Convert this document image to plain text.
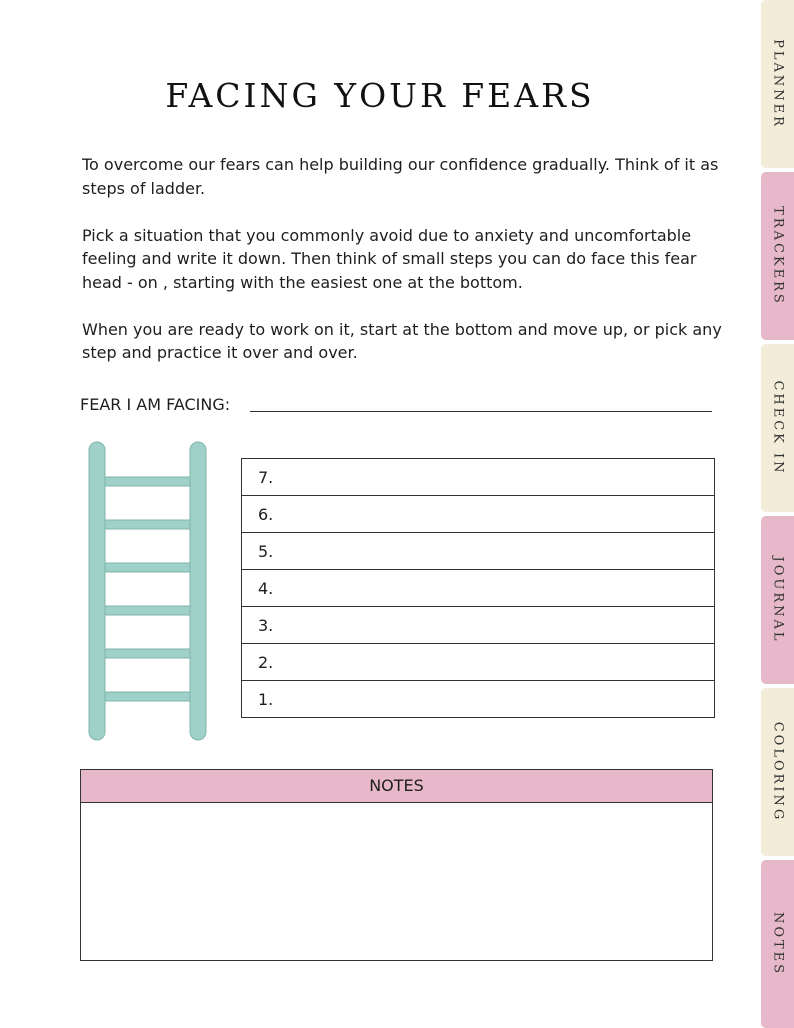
FACING YOUR FEARS

To overcome our fears can help building our confidence gradually. Think of it as steps of ladder.

Pick a situation that you commonly avoid due to anxiety and uncomfortable feeling and write it down. Then think of small steps you can do face this fear head - on , starting with the easiest one at the bottom.

When you are ready to work on it, start at the bottom and move up, or pick any step and practice it over and over.

FEAR I AM FACING:
7.
6.
5.
4.
3.
2.
1.
NOTES
PLANNER
TRACKERS
CHECK IN
JOURNAL
COLORING
NOTES
